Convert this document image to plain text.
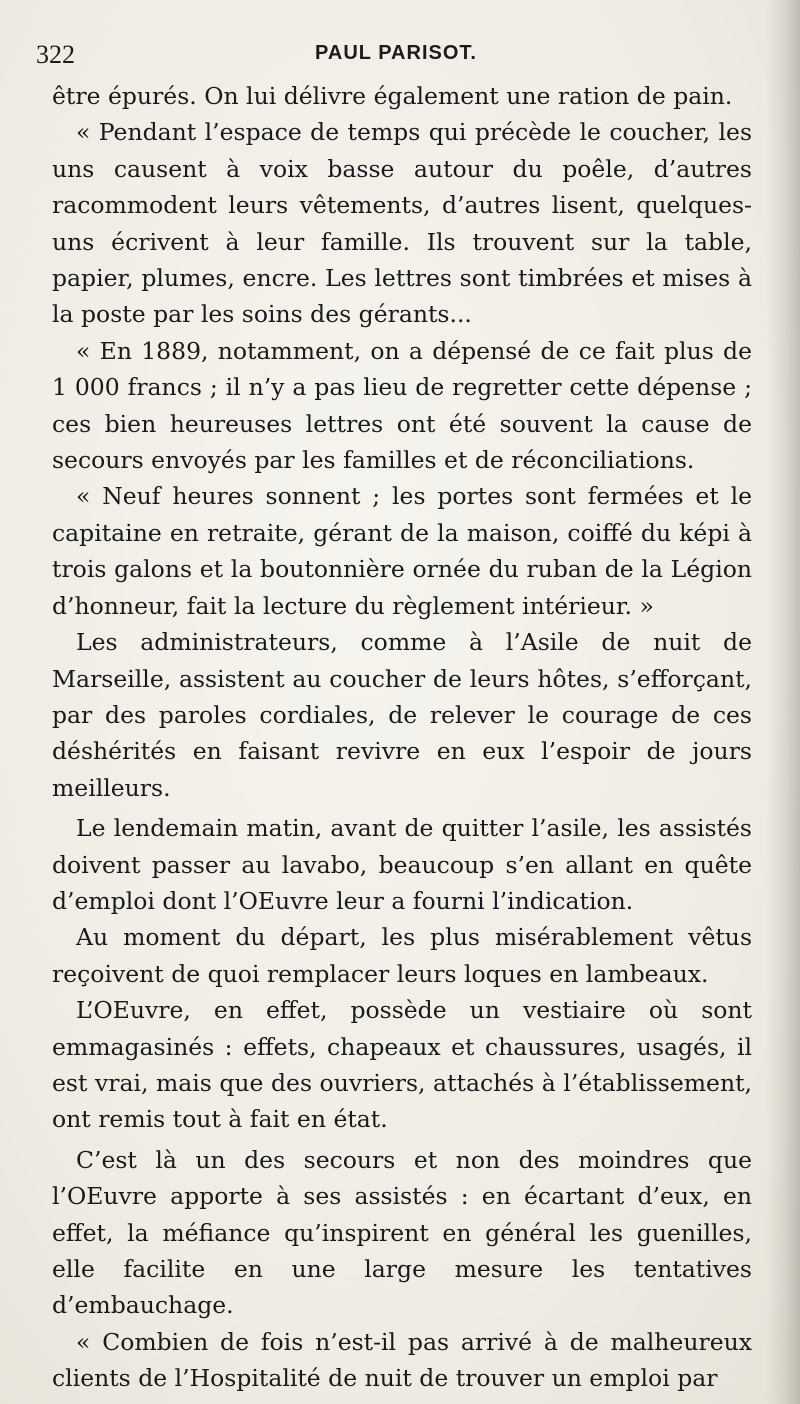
322	PAUL PARISOT.

être épurés. On lui délivre également une ration de pain.

« Pendant l’espace de temps qui précède le coucher, les uns causent à voix basse autour du poêle, d’autres racommodent leurs vêtements, d’autres lisent, quelques-uns écrivent à leur famille. Ils trouvent sur la table, papier, plumes, encre. Les lettres sont timbrées et mises à la poste par les soins des gérants...

« En 1889, notamment, on a dépensé de ce fait plus de 1 000 francs ; il n’y a pas lieu de regretter cette dépense ; ces bien heureuses lettres ont été souvent la cause de secours envoyés par les familles et de réconciliations.

« Neuf heures sonnent ; les portes sont fermées et le capitaine en retraite, gérant de la maison, coiffé du képi à trois galons et la boutonnière ornée du ruban de la Légion d’honneur, fait la lecture du règlement intérieur. »

Les administrateurs, comme à l’Asile de nuit de Marseille, assistent au coucher de leurs hôtes, s’efforçant, par des paroles cordiales, de relever le courage de ces déshérités en faisant revivre en eux l’espoir de jours meilleurs.

Le lendemain matin, avant de quitter l’asile, les assistés doivent passer au lavabo, beaucoup s’en allant en quête d’emploi dont l’OEuvre leur a fourni l’indication.

Au moment du départ, les plus misérablement vêtus reçoivent de quoi remplacer leurs loques en lambeaux.

L’OEuvre, en effet, possède un vestiaire où sont emmagasinés : effets, chapeaux et chaussures, usagés, il est vrai, mais que des ouvriers, attachés à l’établissement, ont remis tout à fait en état.

C’est là un des secours et non des moindres que l’OEuvre apporte à ses assistés : en écartant d’eux, en effet, la méfiance qu’inspirent en général les guenilles, elle facilite en une large mesure les tentatives d’embauchage.

« Combien de fois n’est-il pas arrivé à de malheureux clients de l’Hospitalité de nuit de trouver un emploi par
